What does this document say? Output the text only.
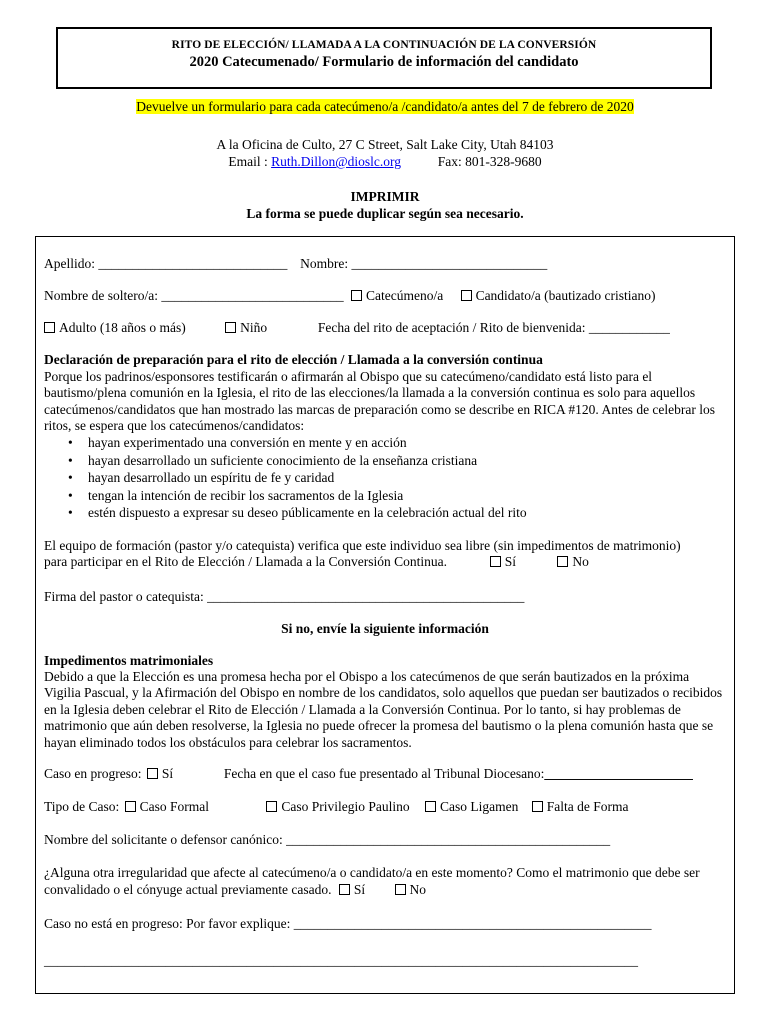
RITO DE ELECCIÓN/ LLAMADA A LA CONTINUACIÓN DE LA CONVERSIÓN
2020 Catecumenado/ Formulario de información del candidato
Devuelve un formulario para cada catecúmeno/a /candidato/a antes del 7 de febrero de 2020
A la Oficina de Culto, 27 C Street, Salt Lake City, Utah 84103
Email : Ruth.Dillon@dioslc.org	Fax: 801-328-9680
IMPRIMIR
La forma se puede duplicar según sea necesario.
Apellido: ____________________________ Nombre: _____________________________
Nombre de soltero/a: ___________________________ Catecúmeno/a Candidato/a (bautizado cristiano)
Adulto (18 años o más)	Niño	Fecha del rito de aceptación / Rito de bienvenida: ____________
Declaración de preparación para el rito de elección / Llamada a la conversión continua
Porque los padrinos/esponsores testificarán o afirmarán al Obispo que su catecúmeno/candidato está listo para el bautismo/plena comunión en la Iglesia, el rito de las elecciones/la llamada a la conversión continua es solo para aquellos catecúmenos/candidatos que han mostrado las marcas de preparación como se describe en RICA #120. Antes de celebrar los ritos, se espera que los catecúmenos/candidatos:
• hayan experimentado una conversión en mente y en acción
• hayan desarrollado un suficiente conocimiento de la enseñanza cristiana
• hayan desarrollado un espíritu de fe y caridad
• tengan la intención de recibir los sacramentos de la Iglesia
• estén dispuesto a expresar su deseo públicamente en la celebración actual del rito
El equipo de formación (pastor y/o catequista) verifica que este individuo sea libre (sin impedimentos de matrimonio)
para participar en el Rito de Elección / Llamada a la Conversión Continua.	Sí	No
Firma del pastor o catequista: _______________________________________________
Si no, envíe la siguiente información
Impedimentos matrimoniales
Debido a que la Elección es una promesa hecha por el Obispo a los catecúmenos de que serán bautizados en la próxima Vigilia Pascual, y la Afirmación del Obispo en nombre de los candidatos, solo aquellos que puedan ser bautizados o recibidos en la Iglesia deben celebrar el Rito de Elección / Llamada a la Conversión Continua. Por lo tanto, si hay problemas de matrimonio que aún deben resolverse, la Iglesia no puede ofrecer la promesa del bautismo o la plena comunión hasta que se hayan eliminado todos los obstáculos para celebrar los sacramentos.
Caso en progreso: Sí	Fecha en que el caso fue presentado al Tribunal Diocesano:______________________
Tipo de Caso: Caso Formal	Caso Privilegio Paulino Caso Ligamen Falta de Forma
Nombre del solicitante o defensor canónico: ________________________________________________
¿Alguna otra irregularidad que afecte al catecúmeno/a o candidato/a en este momento? Como el matrimonio que debe ser
convalidado o el cónyuge actual previamente casado. Sí	No
Caso no está en progreso: Por favor explique: _____________________________________________________
________________________________________________________________________________________
